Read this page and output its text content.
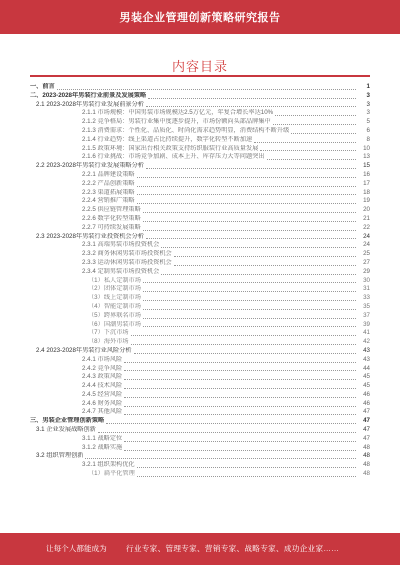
男装企业管理创新策略研究报告
内容目录
一、前言	1
二、2023-2028年男装行业前景及发展策略	3
2.1 2023-2028年男装行业发展前景分析	3
2.1.1 市场规模：中国男装市场规模达2.5万亿元，年复合增长率达10%	3
2.1.2 竞争格局：男装行业集中度逐步提升，市场份额向头部品牌集中	5
2.1.3 消费需求：个性化、品质化、时尚化需求趋势明显，消费结构不断升级	6
2.1.4 行业趋势：线上渠道占比持续提升，数字化转型不断加速	8
2.1.5 政策环境：国家出台相关政策支持纺织服装行业高质量发展	10
2.1.6 行业挑战：市场竞争加剧、成本上升、库存压力大等问题突出	13
2.2 2023-2028年男装行业发展策略分析	15
2.2.1 品牌建设策略	16
2.2.2 产品创新策略	17
2.2.3 渠道拓展策略	18
2.2.4 营销推广策略	19
2.2.5 供应链管理策略	20
2.2.6 数字化转型策略	21
2.2.7 可持续发展策略	22
2.3 2023-2028年男装行业投资机会分析	24
2.3.1 高端男装市场投资机会	24
2.3.2 商务休闲男装市场投资机会	25
2.3.3 运动休闲男装市场投资机会	27
2.3.4 定制男装市场投资机会	29
（1）私人定制市场	30
（2）团体定制市场	31
（3）线上定制市场	33
（4）智能定制市场	35
（5）跨界联名市场	37
（6）国潮男装市场	39
（7）下沉市场	41
（8）海外市场	42
2.4 2023-2028年男装行业风险分析	43
2.4.1 市场风险	43
2.4.2 竞争风险	44
2.4.3 政策风险	45
2.4.4 技术风险	45
2.4.5 经营风险	46
2.4.6 财务风险	46
2.4.7 其他风险	47
三、男装企业管理创新策略	47
3.1 企业发展战略创新	47
3.1.1 战略定位	47
3.1.2 战略实施	48
3.2 组织管理创新	48
3.2.1 组织架构优化	48
（1）扁平化管理	48
让每个人都能成为	行业专家、管理专家、营销专家、战略专家、成功企业家……
